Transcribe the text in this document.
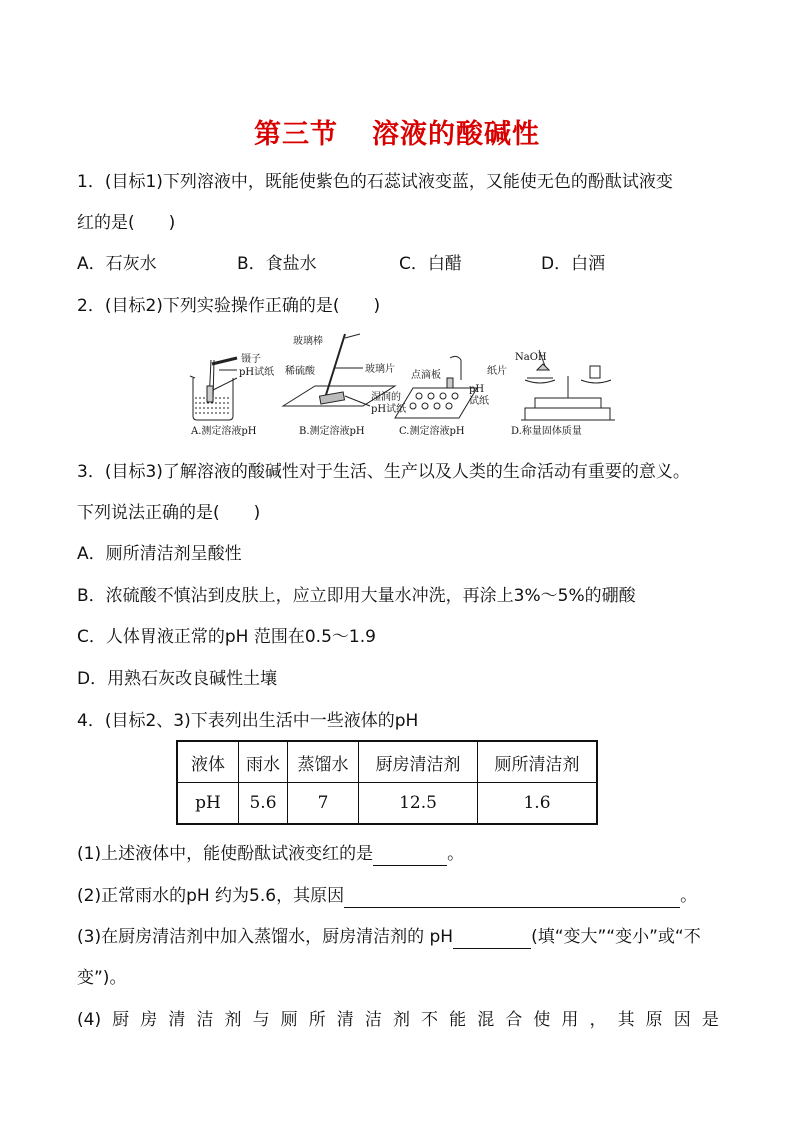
第三节 溶液的酸碱性
1．(目标1)下列溶液中，既能使紫色的石蕊试液变蓝，又能使无色的酚酞试液变
红的是(　　)
A．石灰水	B．食盐水	C．白醋	D．白酒
2．(目标2)下列实验操作正确的是(　　)
镊子
pH试纸
玻璃棒
稀硫酸	玻璃片
湿润的
pH试纸
点滴板
pH
试纸
NaOH
纸片
A.测定溶液pH	B.测定溶液pH	C.测定溶液pH	D.称量固体质量
3．(目标3)了解溶液的酸碱性对于生活、生产以及人类的生命活动有重要的意义。
下列说法正确的是(　　)
A．厕所清洁剂呈酸性
B．浓硫酸不慎沾到皮肤上，应立即用大量水冲洗，再涂上3%～5%的硼酸
C．人体胃液正常的pH 范围在0.5～1.9
D．用熟石灰改良碱性土壤
4．(目标2、3)下表列出生活中一些液体的pH
液体	雨水	蒸馏水	厨房清洁剂	厕所清洁剂
pH	5.6	7	12.5	1.6
(1)上述液体中，能使酚酞试液变红的是	。
(2)正常雨水的pH 约为5.6，其原因	。
(3)在厨房清洁剂中加入蒸馏水，厨房清洁剂的 pH	(填“变大”“变小”或“不
变”)。
(4) 厨 房 清 洁 剂 与 厕 所 清 洁 剂 不 能 混 合 使 用 ， 其 原 因 是
